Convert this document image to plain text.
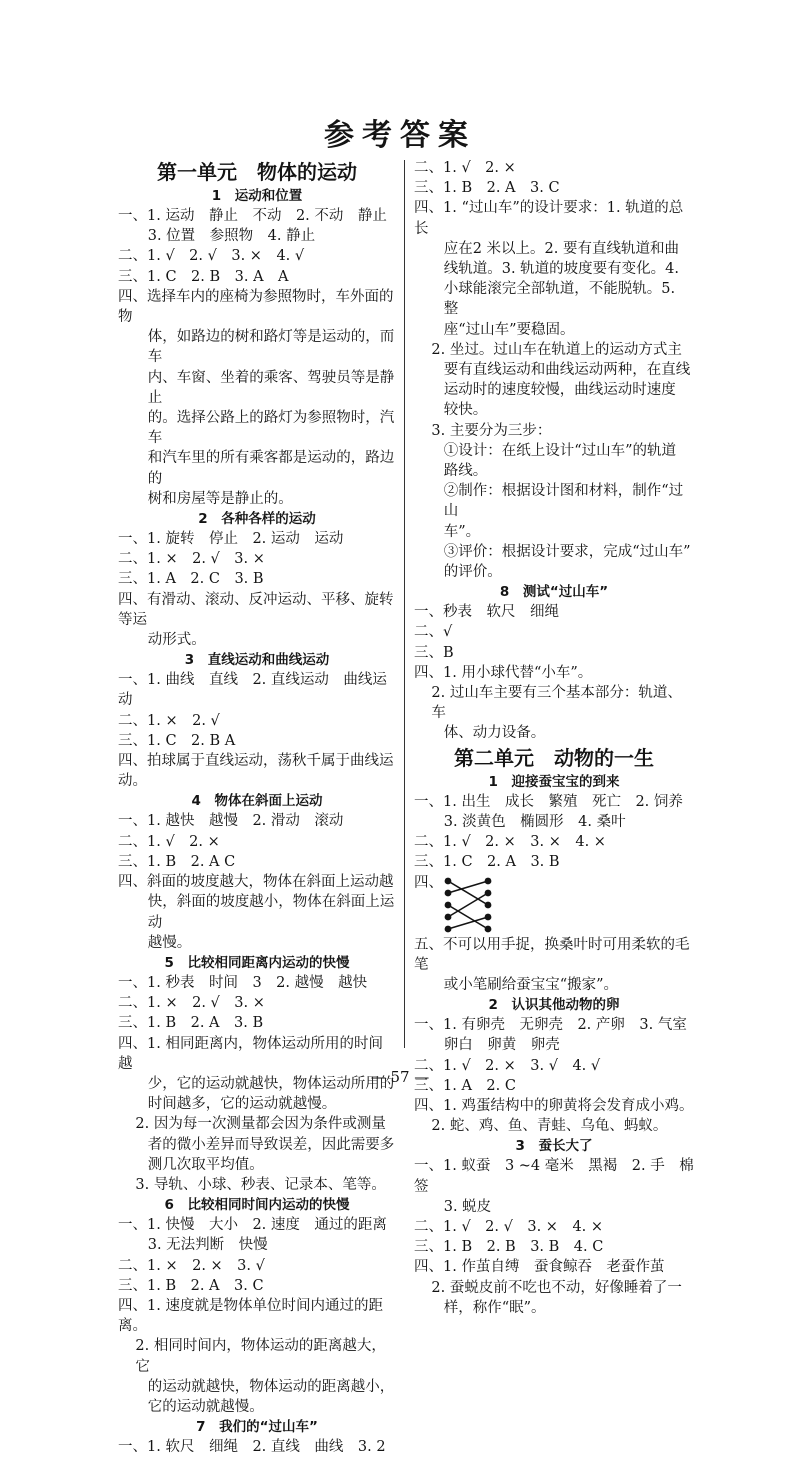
参考答案
第一单元　物体的运动
1　运动和位置
一、1. 运动　静止　不动　2. 不动　静止
3. 位置　参照物　4. 静止
二、1. √　2. √　3. ×　4. √
三、1. C　2. B　3. A　A
四、选择车内的座椅为参照物时，车外面的物
体，如路边的树和路灯等是运动的，而车
内、车窗、坐着的乘客、驾驶员等是静止
的。选择公路上的路灯为参照物时，汽车
和汽车里的所有乘客都是运动的，路边的
树和房屋等是静止的。
2　各种各样的运动
一、1. 旋转　停止　2. 运动　运动
二、1. ×　2. √　3. ×
三、1. A　2. C　3. B
四、有滑动、滚动、反冲运动、平移、旋转等运
动形式。
3　直线运动和曲线运动
一、1. 曲线　直线　2. 直线运动　曲线运动
二、1. ×　2. √
三、1. C　2. B A
四、拍球属于直线运动，荡秋千属于曲线运动。
4　物体在斜面上运动
一、1. 越快　越慢　2. 滑动　滚动
二、1. √　2. ×
三、1. B　2. A C
四、斜面的坡度越大，物体在斜面上运动越
快，斜面的坡度越小，物体在斜面上运动
越慢。
5　比较相同距离内运动的快慢
一、1. 秒表　时间　3　2. 越慢　越快
二、1. ×　2. √　3. ×
三、1. B　2. A　3. B
四、1. 相同距离内，物体运动所用的时间越
少，它的运动就越快，物体运动所用的
时间越多，它的运动就越慢。
2. 因为每一次测量都会因为条件或测量
者的微小差异而导致误差，因此需要多
测几次取平均值。
3. 导轨、小球、秒表、记录本、笔等。
6　比较相同时间内运动的快慢
一、1. 快慢　大小　2. 速度　通过的距离
3. 无法判断　快慢
二、1. ×　2. ×　3. √
三、1. B　2. A　3. C
四、1. 速度就是物体单位时间内通过的距离。
2. 相同时间内，物体运动的距离越大，它
的运动就越快，物体运动的距离越小，
它的运动就越慢。
7　我们的“过山车”
一、1. 软尺　细绳　2. 直线　曲线　3. 2
二、1. √　2. ×
三、1. B　2. A　3. C
四、1. “过山车”的设计要求：1. 轨道的总长
应在2 米以上。2. 要有直线轨道和曲
线轨道。3. 轨道的坡度要有变化。4.
小球能滚完全部轨道，不能脱轨。5. 整
座“过山车”要稳固。
2. 坐过。过山车在轨道上的运动方式主
要有直线运动和曲线运动两种，在直线
运动时的速度较慢，曲线运动时速度
较快。
3. 主要分为三步：
①设计：在纸上设计“过山车”的轨道
路线。
②制作：根据设计图和材料，制作“过山
车”。
③评价：根据设计要求，完成“过山车”
的评价。
8　测试“过山车”
一、秒表　软尺　细绳
二、√
三、B
四、1. 用小球代替“小车”。
2. 过山车主要有三个基本部分：轨道、车
体、动力设备。
第二单元　动物的一生
1　迎接蚕宝宝的到来
一、1. 出生　成长　繁殖　死亡　2. 饲养
3. 淡黄色　椭圆形　4. 桑叶
二、1. √　2. ×　3. ×　4. ×
三、1. C　2. A　3. B
四、
五、不可以用手捉，换桑叶时可用柔软的毛笔
或小笔刷给蚕宝宝“搬家”。
2　认识其他动物的卵
一、1. 有卵壳　无卵壳　2. 产卵　3. 气室
卵白　卵黄　卵壳
二、1. √　2. ×　3. √　4. √
三、1. A　2. C
四、1. 鸡蛋结构中的卵黄将会发育成小鸡。
2. 蛇、鸡、鱼、青蛙、乌龟、蚂蚁。
3　蚕长大了
一、1. 蚁蚕　3 ~4 毫米　黑褐　2. 手　棉签
3. 蜕皮
二、1. √　2. √　3. ×　4. ×
三、1. B　2. B　3. B　4. C
四、1. 作茧自缚　蚕食鲸吞　老蚕作茧
2. 蚕蜕皮前不吃也不动，好像睡着了一
样，称作“眠”。
— 57 —
